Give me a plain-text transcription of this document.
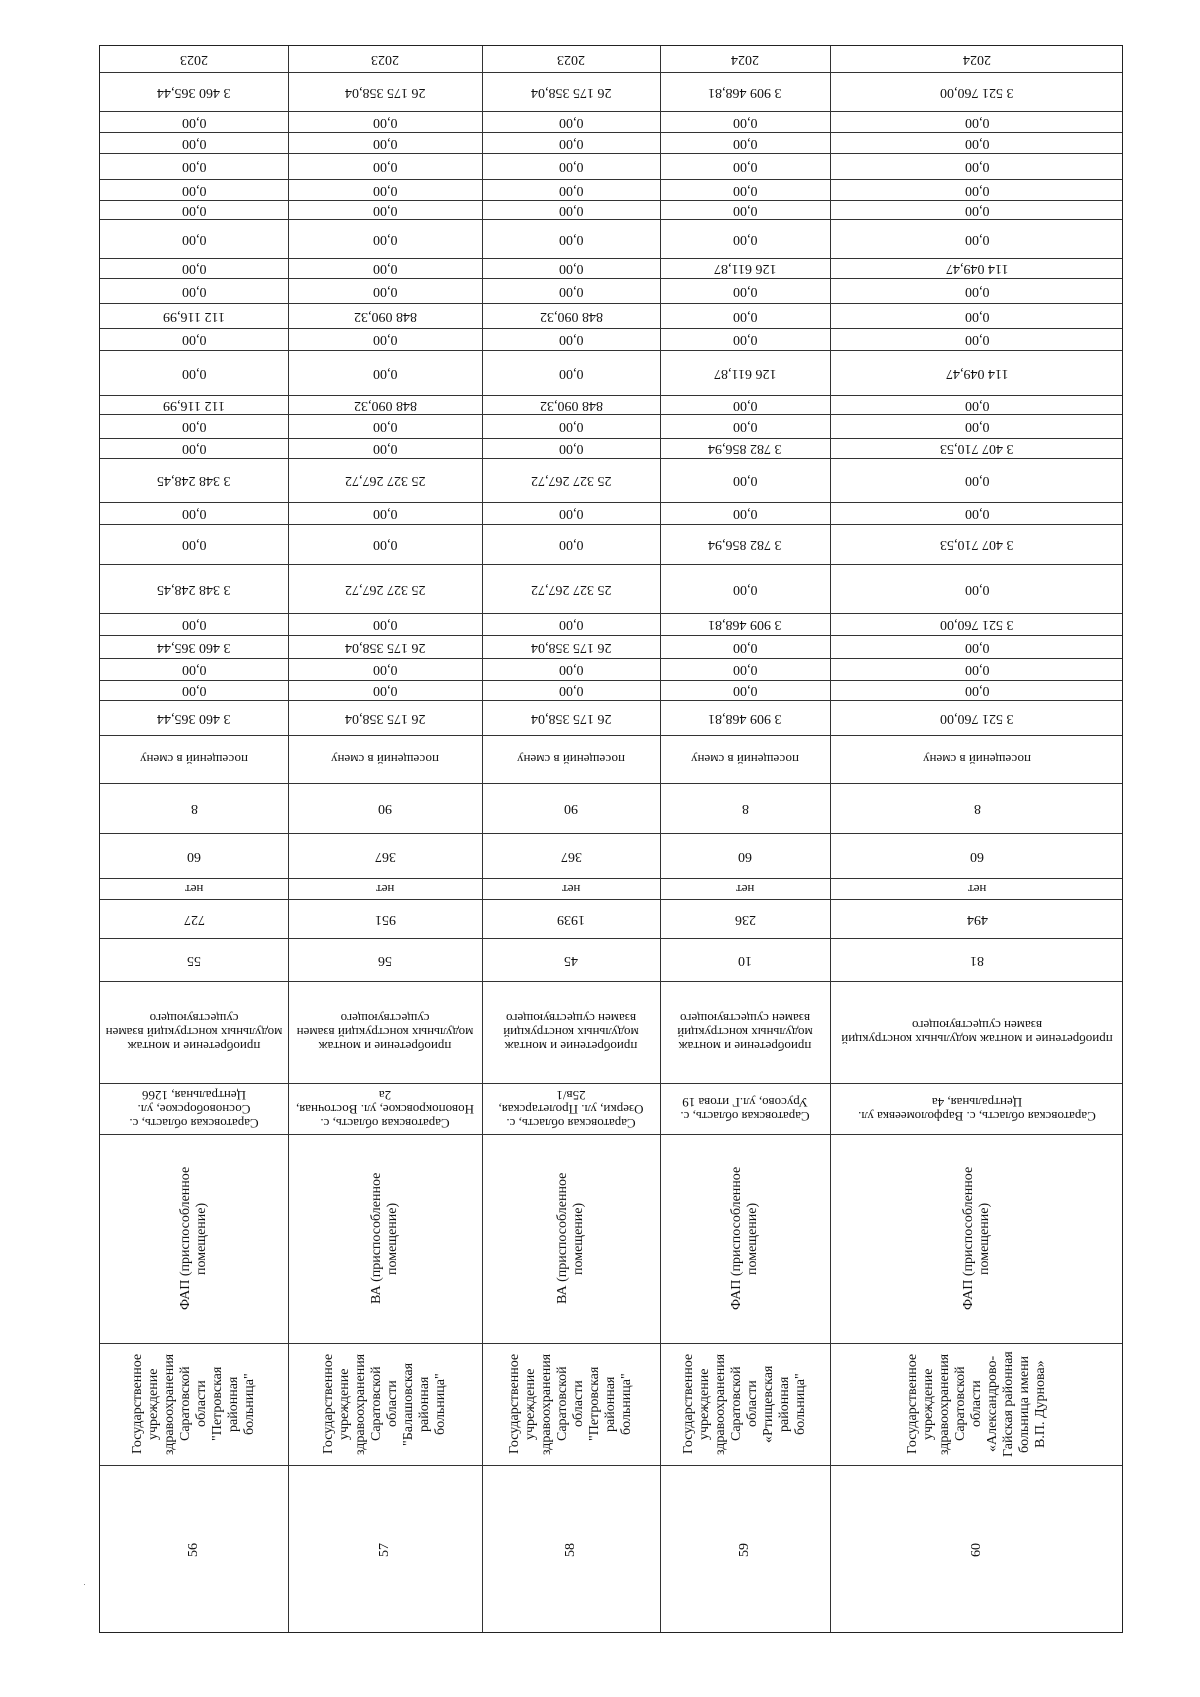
3 460 365,44
0,00
0,00
3 460 365,44
0,00
3 348 248,45
0,00
0,00
3 348 248,45
0,00
0,00
112 116,99
0,00
0,00
112 116,99
0,00
0,00
0,00
0,00
0,00
0,00
0,00
0,00
3 460 365,44
2023
посещений в смену
8
60
нет
727
55
приобретение и монтаж модульных конструкций взамен существующего
Саратовская область, с. Сосновоборское, ул. Центральная, 1266
ФАП (приспособленное помещение)
Государственное учреждение здравоохранения Саратовской области "Петровская районная больница"
56
26 175 358,04
0,00
0,00
26 175 358,04
0,00
25 327 267,72
0,00
0,00
25 327 267,72
0,00
0,00
848 090,32
0,00
0,00
848 090,32
0,00
0,00
0,00
0,00
0,00
0,00
0,00
0,00
26 175 358,04
2023
посещений в смену
90
367
нет
951
56
приобретение и монтаж модульных конструкций взамен существующего
Саратовская область, с. Новопокровское, ул. Восточная, 2а
ВА (приспособленное помещение)
Государственное учреждение здравоохранения Саратовской области "Балашовская районная больница"
57
26 175 358,04
0,00
0,00
26 175 358,04
0,00
25 327 267,72
0,00
0,00
25 327 267,72
0,00
0,00
848 090,32
0,00
0,00
848 090,32
0,00
0,00
0,00
0,00
0,00
0,00
0,00
0,00
26 175 358,04
2023
посещений в смену
90
367
нет
1939
45
приобретение и монтаж модульных конструкций взамен существующего
Саратовская область, с. Озерки, ул. Пролетарская, 25в/1
ВА (приспособленное помещение)
Государственное учреждение здравоохранения Саратовской области "Петровская районная больница"
58
3 909 468,81
0,00
0,00
0,00
3 909 468,81
0,00
3 782 856,94
0,00
0,00
3 782 856,94
0,00
0,00
126 611,87
0,00
0,00
0,00
126 611,87
0,00
0,00
0,00
0,00
0,00
0,00
3 909 468,81
2024
посещений в смену
8
60
нет
236
10
приобретение и монтаж модульных конструкций взамен существующего
Саратовская область, с. Урусово, ул.Г итова 19
ФАП (приспособленное помещение)
Государственное учреждение здравоохранения Саратовской области «Ртищевская районная больница"
59
3 521 760,00
0,00
0,00
0,00
3 521 760,00
0,00
3 407 710,53
0,00
0,00
3 407 710,53
0,00
0,00
114 049,47
0,00
0,00
0,00
114 049,47
0,00
0,00
0,00
0,00
0,00
0,00
3 521 760,00
2024
посещений в смену
8
60
нет
494
81
приобретение и монтаж модульных конструкций взамен существующего
Саратовская область, с. Варфоломеевка ул. Центральная, 4а
ФАП (приспособленное помещение)
Государственное учреждение здравоохранения Саратовской области «Александрово-Гайская районная больница имени В.П. Дурнова»
60
